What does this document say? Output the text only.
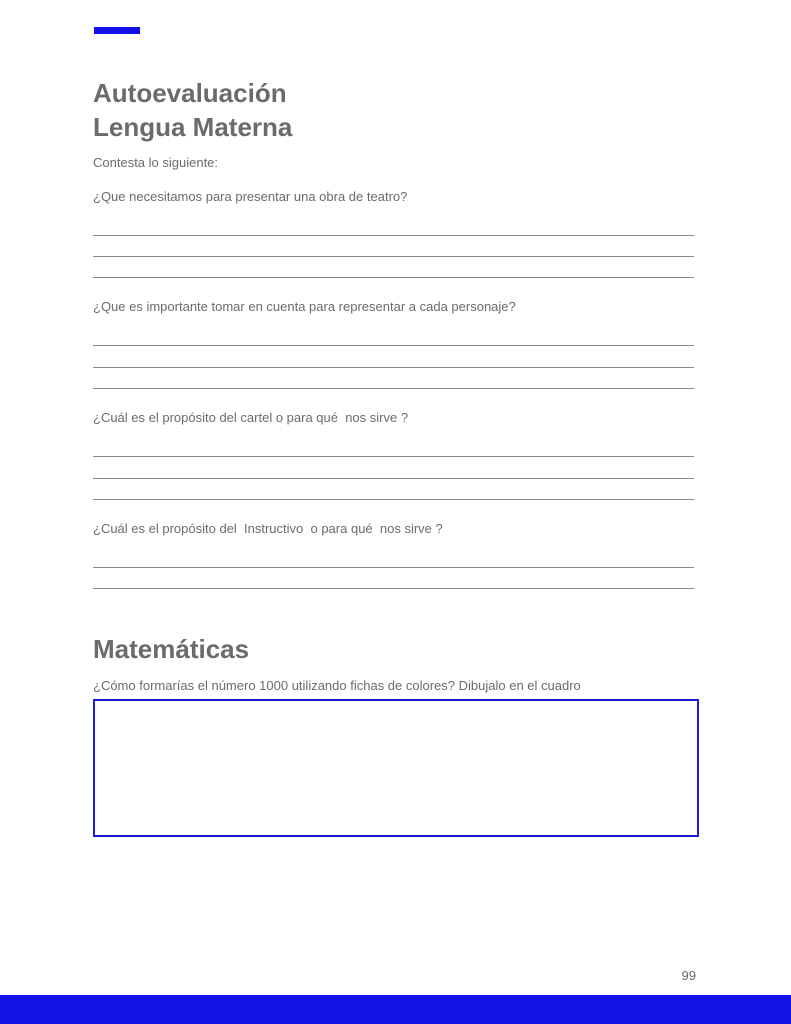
Autoevaluación
Lengua Materna
Contesta lo siguiente:
¿Que necesitamos para presentar una obra de teatro?
¿Que es importante tomar en cuenta para representar a cada personaje?
¿Cuál es el propósito del cartel o para qué  nos sirve ?
¿Cuál es el propósito del  Instructivo  o para qué  nos sirve ?
Matemáticas
¿Cómo formarías el número 1000 utilizando fichas de colores? Dibujalo en el cuadro
99
